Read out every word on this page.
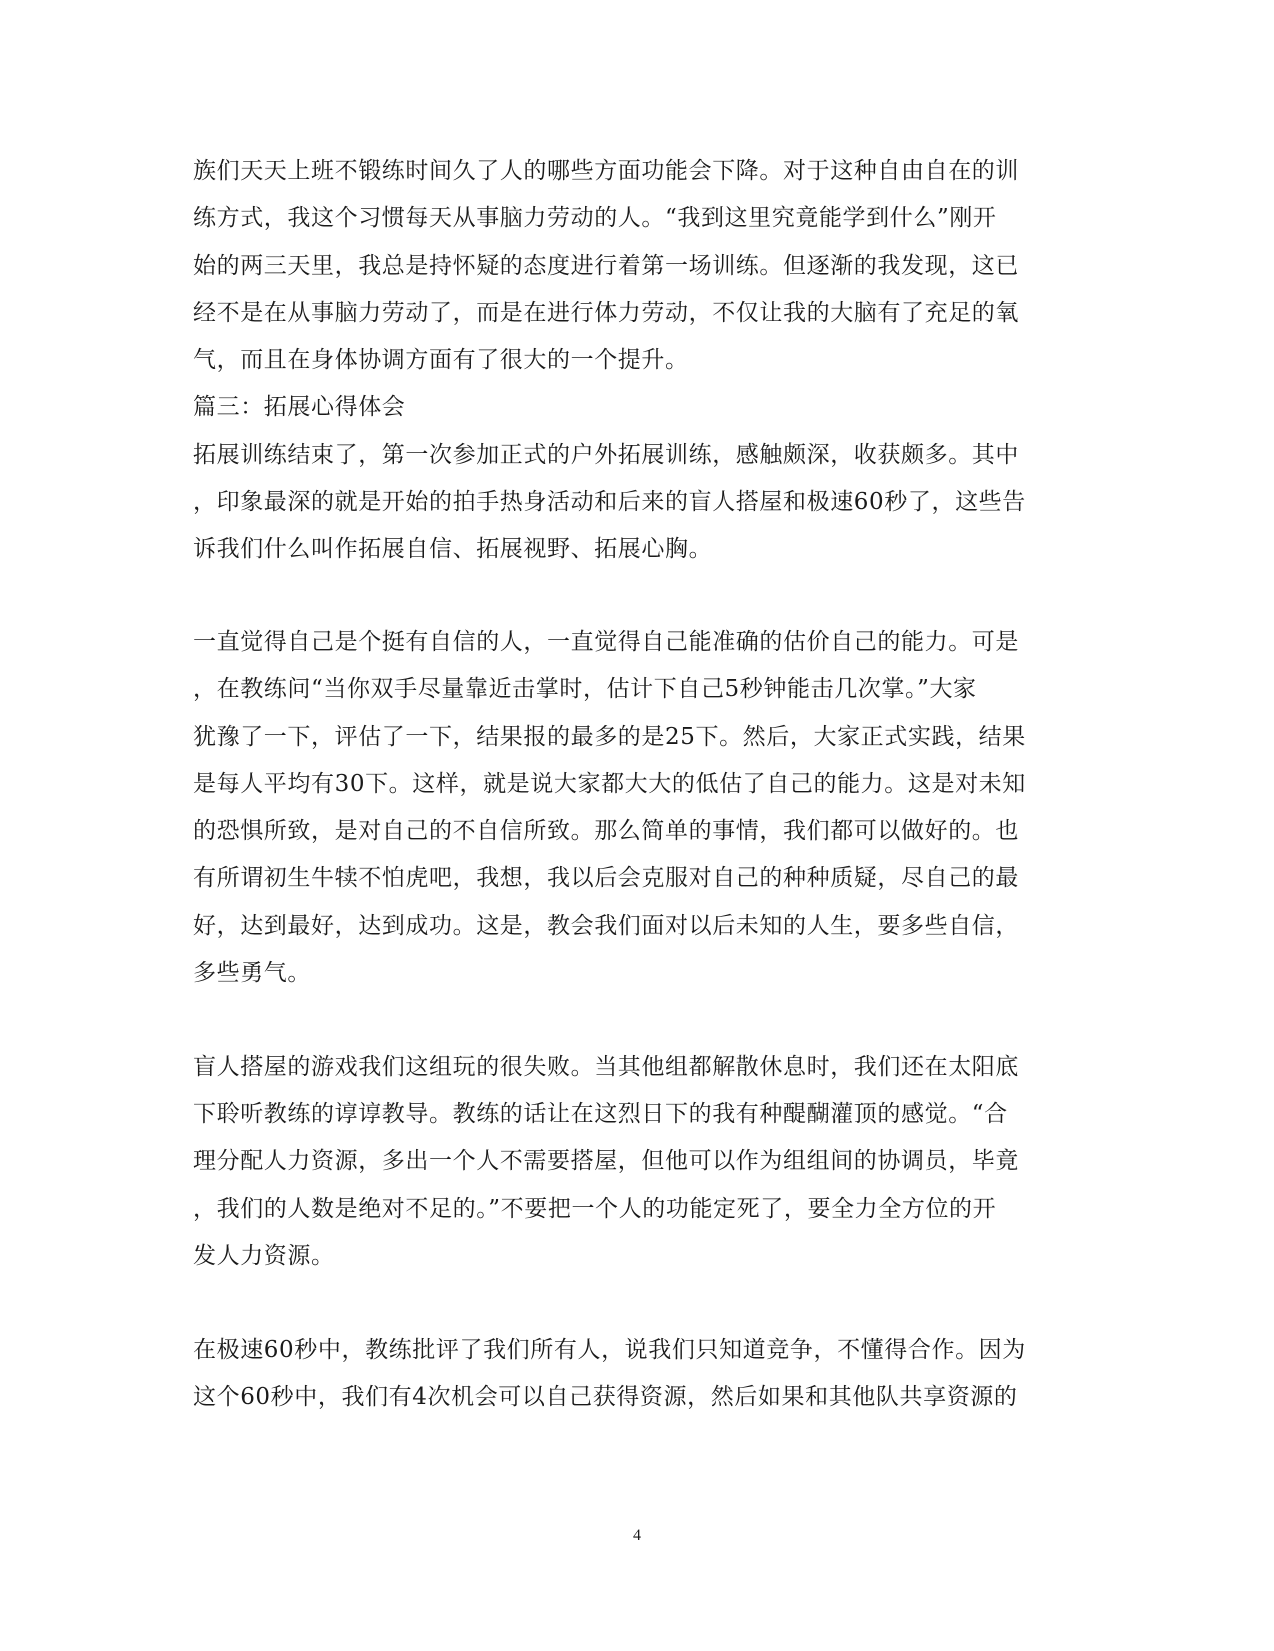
族们天天上班不锻练时间久了人的哪些方面功能会下降。对于这种自由自在的训
练方式，我这个习惯每天从事脑力劳动的人。“我到这里究竟能学到什么”刚开
始的两三天里，我总是持怀疑的态度进行着第一场训练。但逐渐的我发现，这已
经不是在从事脑力劳动了，而是在进行体力劳动，不仅让我的大脑有了充足的氧
气，而且在身体协调方面有了很大的一个提升。
篇三：拓展心得体会
拓展训练结束了，第一次参加正式的户外拓展训练，感触颇深，收获颇多。其中
，印象最深的就是开始的拍手热身活动和后来的盲人搭屋和极速60秒了，这些告
诉我们什么叫作拓展自信、拓展视野、拓展心胸。
一直觉得自己是个挺有自信的人，一直觉得自己能准确的估价自己的能力。可是
，在教练问“当你双手尽量靠近击掌时，估计下自己5秒钟能击几次掌。”大家
犹豫了一下，评估了一下，结果报的最多的是25下。然后，大家正式实践，结果
是每人平均有30下。这样，就是说大家都大大的低估了自己的能力。这是对未知
的恐惧所致，是对自己的不自信所致。那么简单的事情，我们都可以做好的。也
有所谓初生牛犊不怕虎吧，我想，我以后会克服对自己的种种质疑，尽自己的最
好，达到最好，达到成功。这是，教会我们面对以后未知的人生，要多些自信，
多些勇气。
盲人搭屋的游戏我们这组玩的很失败。当其他组都解散休息时，我们还在太阳底
下聆听教练的谆谆教导。教练的话让在这烈日下的我有种醍醐灌顶的感觉。“合
理分配人力资源，多出一个人不需要搭屋，但他可以作为组组间的协调员，毕竟
，我们的人数是绝对不足的。”不要把一个人的功能定死了，要全力全方位的开
发人力资源。
在极速60秒中，教练批评了我们所有人，说我们只知道竞争，不懂得合作。因为
这个60秒中，我们有4次机会可以自己获得资源，然后如果和其他队共享资源的
4
